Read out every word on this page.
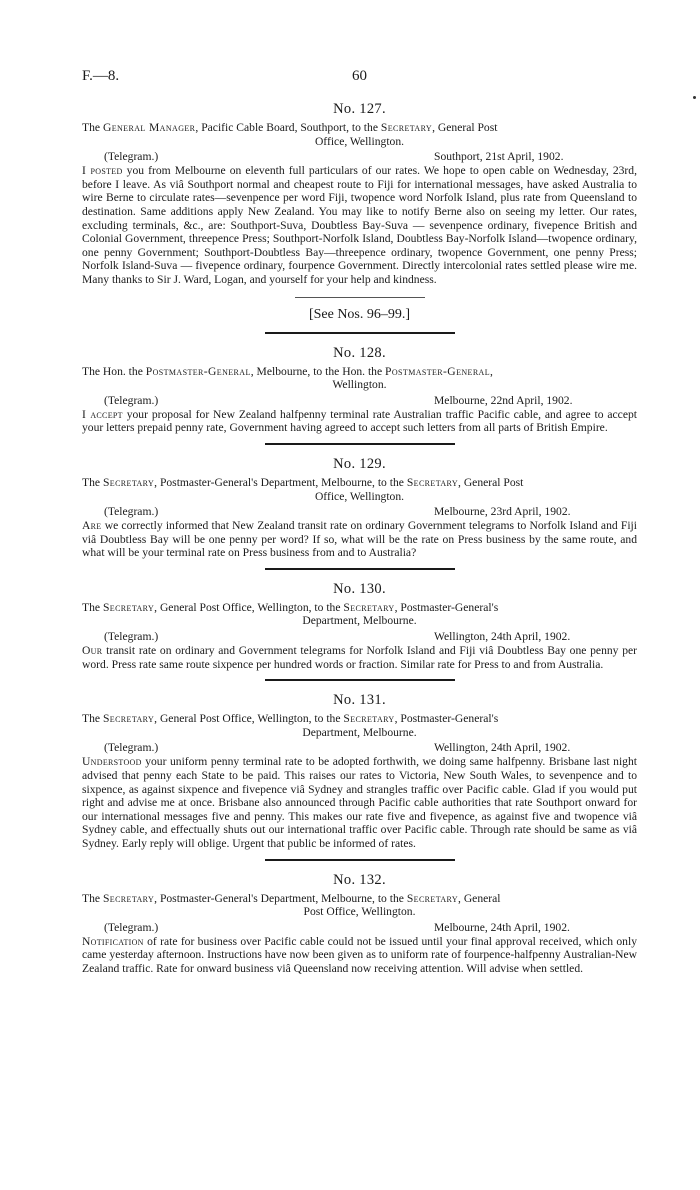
F.—8.	60
No. 127.
The General Manager, Pacific Cable Board, Southport, to the Secretary, General Post
Office, Wellington.
(Telegram.)	Southport, 21st April, 1902.
I posted you from Melbourne on eleventh full particulars of our rates. We hope to open cable on Wednesday, 23rd, before I leave. As viâ Southport normal and cheapest route to Fiji for international messages, have asked Australia to wire Berne to circulate rates—sevenpence per word Fiji, twopence word Norfolk Island, plus rate from Queensland to destination. Same additions apply New Zealand. You may like to notify Berne also on seeing my letter. Our rates, excluding terminals, &c., are: Southport-Suva, Doubtless Bay-Suva — sevenpence ordinary, fivepence British and Colonial Government, threepence Press; Southport-Norfolk Island, Doubtless Bay-Norfolk Island—twopence ordinary, one penny Government; Southport-Doubtless Bay—threepence ordinary, twopence Government, one penny Press; Norfolk Island-Suva — fivepence ordinary, fourpence Government. Directly intercolonial rates settled please wire me. Many thanks to Sir J. Ward, Logan, and yourself for your help and kindness.
[See Nos. 96–99.]
No. 128.
The Hon. the Postmaster-General, Melbourne, to the Hon. the Postmaster-General,
Wellington.
(Telegram.)	Melbourne, 22nd April, 1902.
I accept your proposal for New Zealand halfpenny terminal rate Australian traffic Pacific cable, and agree to accept your letters prepaid penny rate, Government having agreed to accept such letters from all parts of British Empire.
No. 129.
The Secretary, Postmaster-General's Department, Melbourne, to the Secretary, General Post
Office, Wellington.
(Telegram.)	Melbourne, 23rd April, 1902.
Are we correctly informed that New Zealand transit rate on ordinary Government telegrams to Norfolk Island and Fiji viâ Doubtless Bay will be one penny per word? If so, what will be the rate on Press business by the same route, and what will be your terminal rate on Press business from and to Australia?
No. 130.
The Secretary, General Post Office, Wellington, to the Secretary, Postmaster-General's
Department, Melbourne.
(Telegram.)	Wellington, 24th April, 1902.
Our transit rate on ordinary and Government telegrams for Norfolk Island and Fiji viâ Doubtless Bay one penny per word. Press rate same route sixpence per hundred words or fraction. Similar rate for Press to and from Australia.
No. 131.
The Secretary, General Post Office, Wellington, to the Secretary, Postmaster-General's
Department, Melbourne.
(Telegram.)	Wellington, 24th April, 1902.
Understood your uniform penny terminal rate to be adopted forthwith, we doing same halfpenny. Brisbane last night advised that penny each State to be paid. This raises our rates to Victoria, New South Wales, to sevenpence and to sixpence, as against sixpence and fivepence viâ Sydney and strangles traffic over Pacific cable. Glad if you would put right and advise me at once. Brisbane also announced through Pacific cable authorities that rate Southport onward for our international messages five and penny. This makes our rate five and fivepence, as against five and twopence viâ Sydney cable, and effectually shuts out our international traffic over Pacific cable. Through rate should be same as viâ Sydney. Early reply will oblige. Urgent that public be informed of rates.
No. 132.
The Secretary, Postmaster-General's Department, Melbourne, to the Secretary, General
Post Office, Wellington.
(Telegram.)	Melbourne, 24th April, 1902.
Notification of rate for business over Pacific cable could not be issued until your final approval received, which only came yesterday afternoon. Instructions have now been given as to uniform rate of fourpence-halfpenny Australian-New Zealand traffic. Rate for onward business viâ Queensland now receiving attention. Will advise when settled.
